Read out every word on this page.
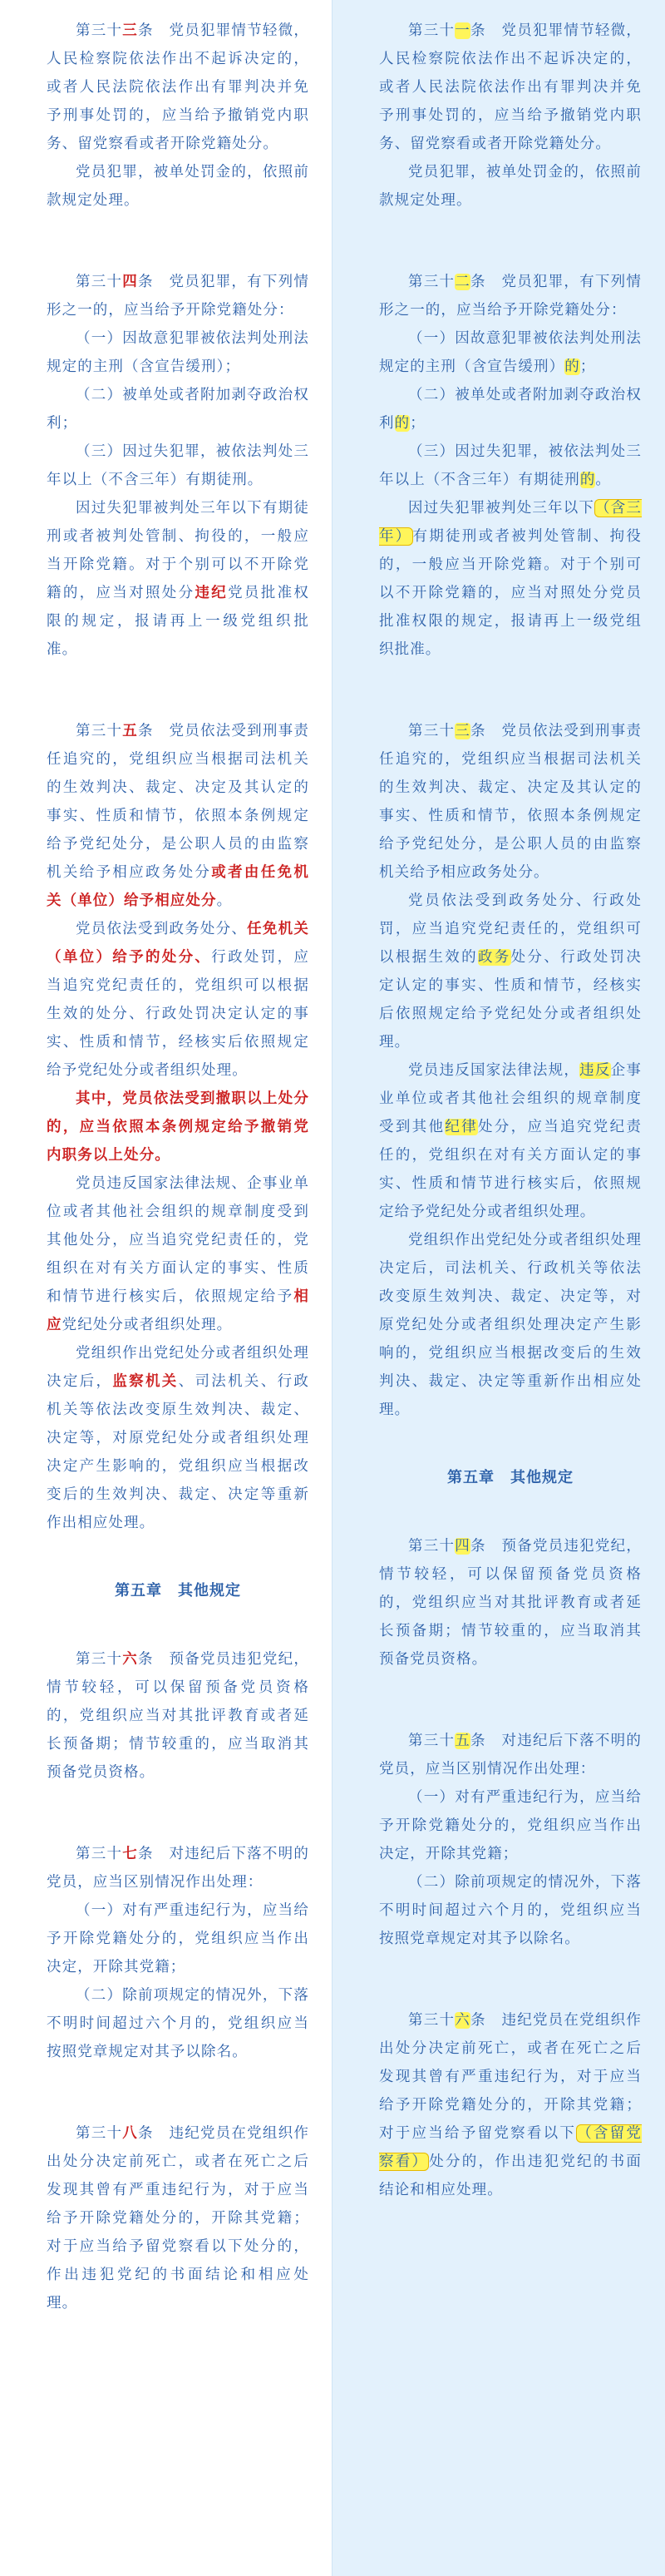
第三十三条　 党员犯罪情节轻微，人民检察院依法作出不起诉决定的，或者人民法院依法作出有罪判决并免予刑事处罚的，应当给予撤销党内职务、留党察看或者开除党籍处分。

党员犯罪，被单处罚金的，依照前款规定处理。

第三十四条　 党员犯罪，有下列情形之一的，应当给予开除党籍处分：

（一）因故意犯罪被依法判处刑法规定的主刑（含宣告缓刑）；

（二）被单处或者附加剥夺政治权利；

（三）因过失犯罪，被依法判处三年以上（不含三年）有期徒刑。

因过失犯罪被判处三年以下有期徒刑或者被判处管制、拘役的，一般应当开除党籍。对于个别可以不开除党籍的，应当对照处分违纪党员批准权限的规定，报请再上一级党组织批准。

第三十五条　 党员依法受到刑事责任追究的，党组织应当根据司法机关的生效判决、裁定、决定及其认定的事实、性质和情节，依照本条例规定给予党纪处分，是公职人员的由监察机关给予相应政务处分或者由任免机关（单位）给予相应处分。

党员依法受到政务处分、任免机关（单位）给予的处分、行政处罚，应当追究党纪责任的，党组织可以根据生效的处分、行政处罚决定认定的事实、性质和情节，经核实后依照规定给予党纪处分或者组织处理。

其中，党员依法受到撤职以上处分的，应当依照本条例规定给予撤销党内职务以上处分。

党员违反国家法律法规、企事业单位或者其他社会组织的规章制度受到其他处分，应当追究党纪责任的，党组织在对有关方面认定的事实、性质和情节进行核实后，依照规定给予相应党纪处分或者组织处理。

党组织作出党纪处分或者组织处理决定后，监察机关、司法机关、行政机关等依法改变原生效判决、裁定、决定等，对原党纪处分或者组织处理决定产生影响的，党组织应当根据改变后的生效判决、裁定、决定等重新作出相应处理。

第五章　其他规定

第三十六条　 预备党员违犯党纪，情节较轻，可以保留预备党员资格的，党组织应当对其批评教育或者延长预备期；情节较重的，应当取消其预备党员资格。

第三十七条　 对违纪后下落不明的党员，应当区别情况作出处理：

（一）对有严重违纪行为，应当给予开除党籍处分的，党组织应当作出决定，开除其党籍；

（二）除前项规定的情况外，下落不明时间超过六个月的，党组织应当按照党章规定对其予以除名。

第三十八条　 违纪党员在党组织作出处分决定前死亡，或者在死亡之后发现其曾有严重违纪行为，对于应当给予开除党籍处分的，开除其党籍；对于应当给予留党察看以下处分的，作出违犯党纪的书面结论和相应处理。

第三十一条　 党员犯罪情节轻微，人民检察院依法作出不起诉决定的，或者人民法院依法作出有罪判决并免予刑事处罚的，应当给予撤销党内职务、留党察看或者开除党籍处分。

党员犯罪，被单处罚金的，依照前款规定处理。

第三十二条　 党员犯罪，有下列情形之一的，应当给予开除党籍处分：

（一）因故意犯罪被依法判处刑法规定的主刑（含宣告缓刑）的；

（二）被单处或者附加剥夺政治权利的；

（三）因过失犯罪，被依法判处三年以上（不含三年）有期徒刑的。

因过失犯罪被判处三年以下（含三年）有期徒刑或者被判处管制、拘役的，一般应当开除党籍。对于个别可以不开除党籍的，应当对照处分党员批准权限的规定，报请再上一级党组织批准。

第三十三条　 党员依法受到刑事责任追究的，党组织应当根据司法机关的生效判决、裁定、决定及其认定的事实、性质和情节，依照本条例规定给予党纪处分，是公职人员的由监察机关给予相应政务处分。

党员依法受到政务处分、行政处罚，应当追究党纪责任的，党组织可以根据生效的政务处分、行政处罚决定认定的事实、性质和情节，经核实后依照规定给予党纪处分或者组织处理。

党员违反国家法律法规，违反企事业单位或者其他社会组织的规章制度受到其他纪律处分，应当追究党纪责任的，党组织在对有关方面认定的事实、性质和情节进行核实后，依照规定给予党纪处分或者组织处理。

党组织作出党纪处分或者组织处理决定后，司法机关、行政机关等依法改变原生效判决、裁定、决定等，对原党纪处分或者组织处理决定产生影响的，党组织应当根据改变后的生效判决、裁定、决定等重新作出相应处理。

第五章　其他规定

第三十四条　 预备党员违犯党纪，情节较轻，可以保留预备党员资格的，党组织应当对其批评教育或者延长预备期；情节较重的，应当取消其预备党员资格。

第三十五条　 对违纪后下落不明的党员，应当区别情况作出处理：

（一）对有严重违纪行为，应当给予开除党籍处分的，党组织应当作出决定，开除其党籍；

（二）除前项规定的情况外，下落不明时间超过六个月的，党组织应当按照党章规定对其予以除名。

第三十六条　 违纪党员在党组织作出处分决定前死亡，或者在死亡之后发现其曾有严重违纪行为，对于应当给予开除党籍处分的，开除其党籍；对于应当给予留党察看以下（含留党察看）处分的，作出违犯党纪的书面结论和相应处理。
